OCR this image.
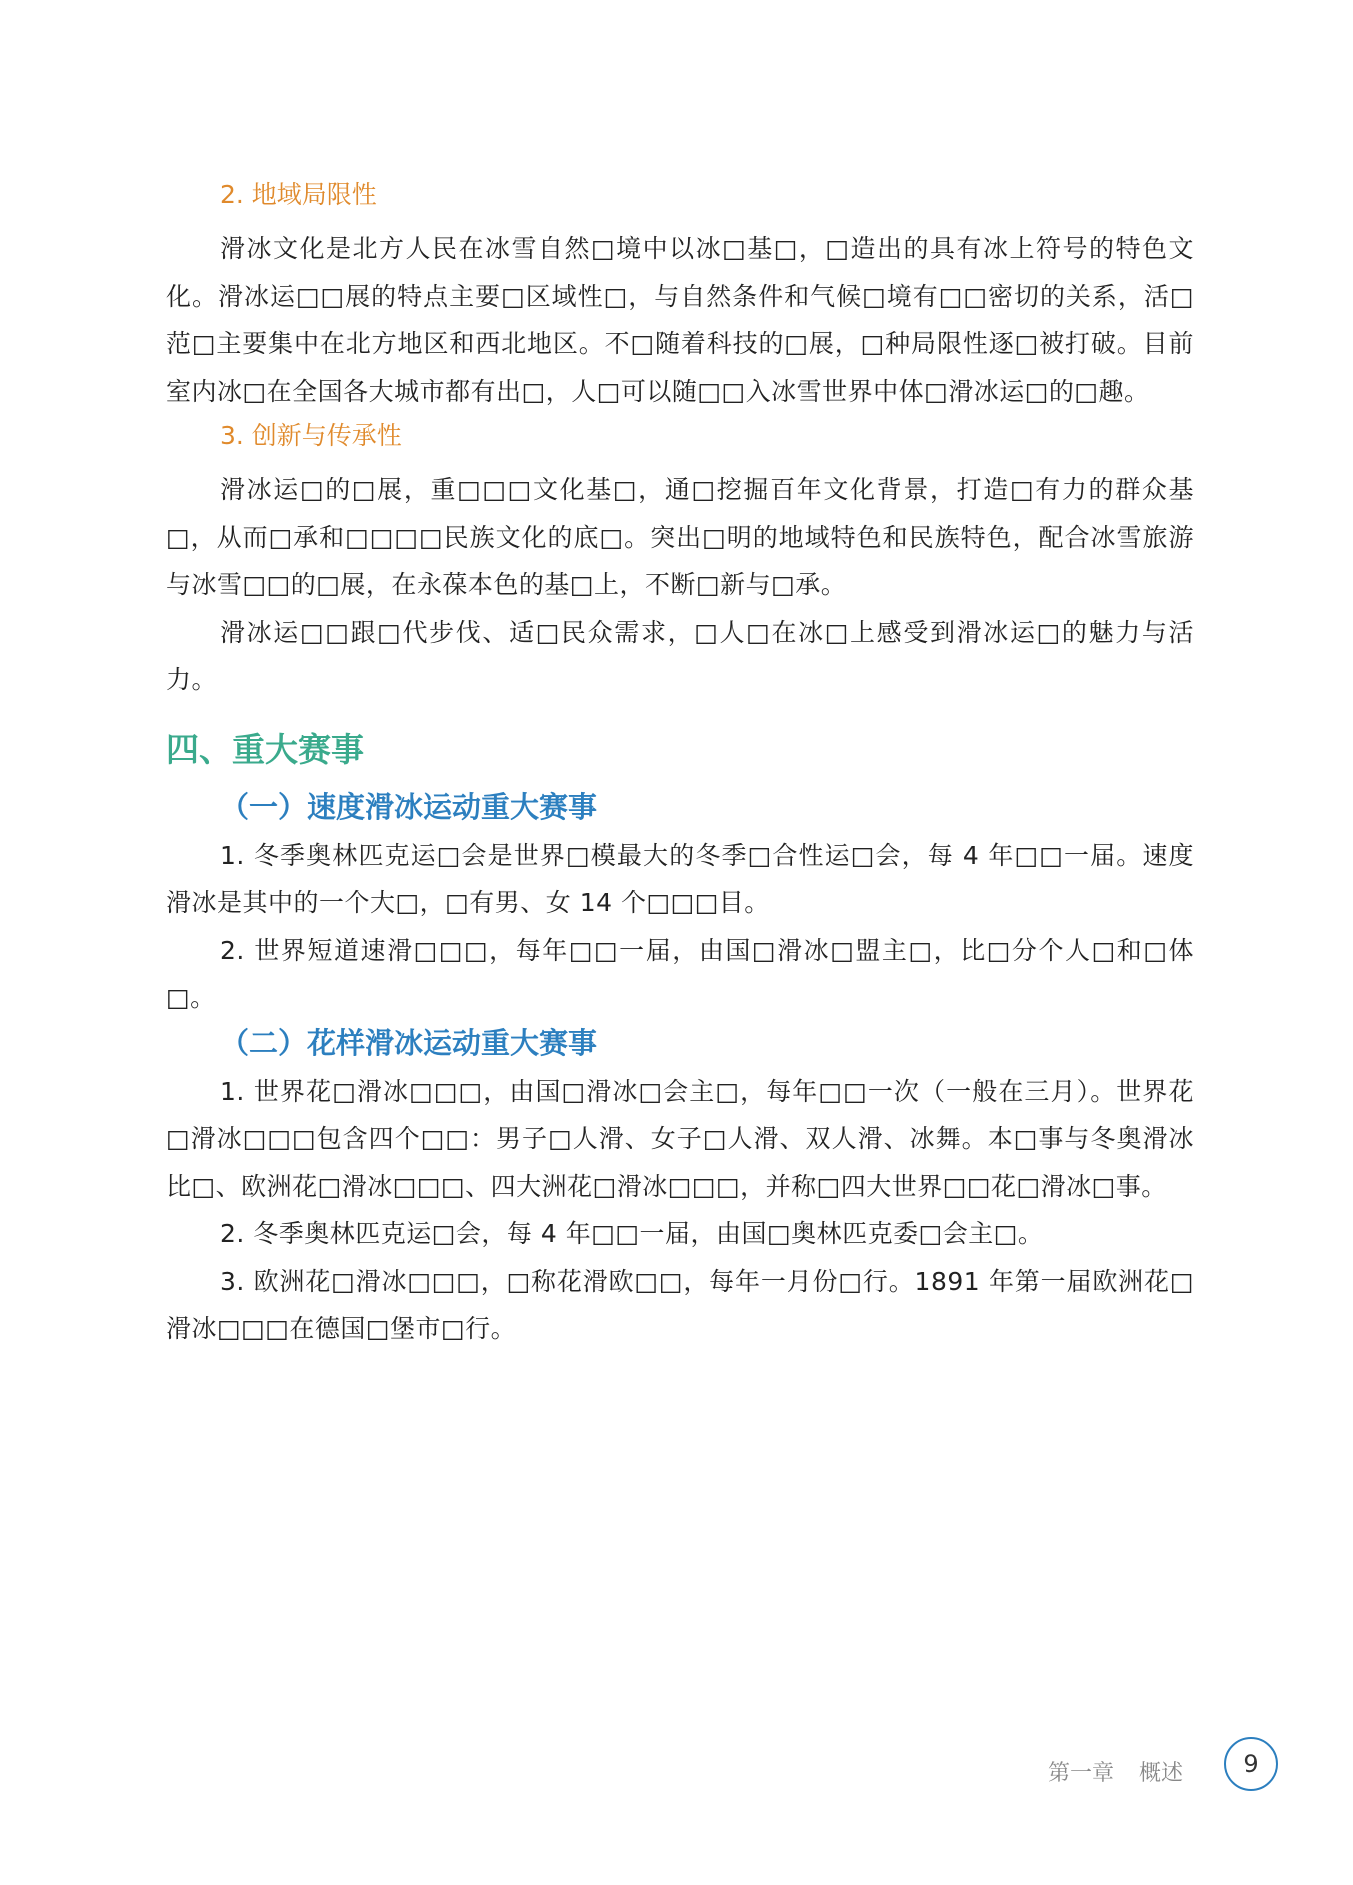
2. 地域局限性

滑冰文化是北方人民在冰雪自然□境中以冰□基□，□造出的具有冰上符号的特色文化。滑冰运□□展的特点主要□区域性□，与自然条件和气候□境有□□密切的关系，活□范□主要集中在北方地区和西北地区。不□随着科技的□展，□种局限性逐□被打破。目前室内冰□在全国各大城市都有出□，人□可以随□□入冰雪世界中体□滑冰运□的□趣。

3. 创新与传承性

滑冰运□的□展，重□□□文化基□，通□挖掘百年文化背景，打造□有力的群众基□，从而□承和□□□□民族文化的底□。突出□明的地域特色和民族特色，配合冰雪旅游与冰雪□□的□展，在永葆本色的基□上，不断□新与□承。

滑冰运□□跟□代步伐、适□民众需求，□人□在冰□上感受到滑冰运□的魅力与活力。

四、重大赛事
（一）速度滑冰运动重大赛事

1. 冬季奥林匹克运□会是世界□模最大的冬季□合性运□会，每 4 年□□一届。速度滑冰是其中的一个大□，□有男、女 14 个□□□目。

2. 世界短道速滑□□□，每年□□一届，由国□滑冰□盟主□，比□分个人□和□体□。

（二）花样滑冰运动重大赛事

1. 世界花□滑冰□□□，由国□滑冰□会主□，每年□□一次（一般在三月）。世界花□滑冰□□□包含四个□□：男子□人滑、女子□人滑、双人滑、冰舞。本□事与冬奥滑冰比□、欧洲花□滑冰□□□、四大洲花□滑冰□□□，并称□四大世界□□花□滑冰□事。

2. 冬季奥林匹克运□会，每 4 年□□一届，由国□奥林匹克委□会主□。

3. 欧洲花□滑冰□□□，□称花滑欧□□，每年一月份□行。1891 年第一届欧洲花□滑冰□□□在德国□堡市□行。

第一章 概述	9
